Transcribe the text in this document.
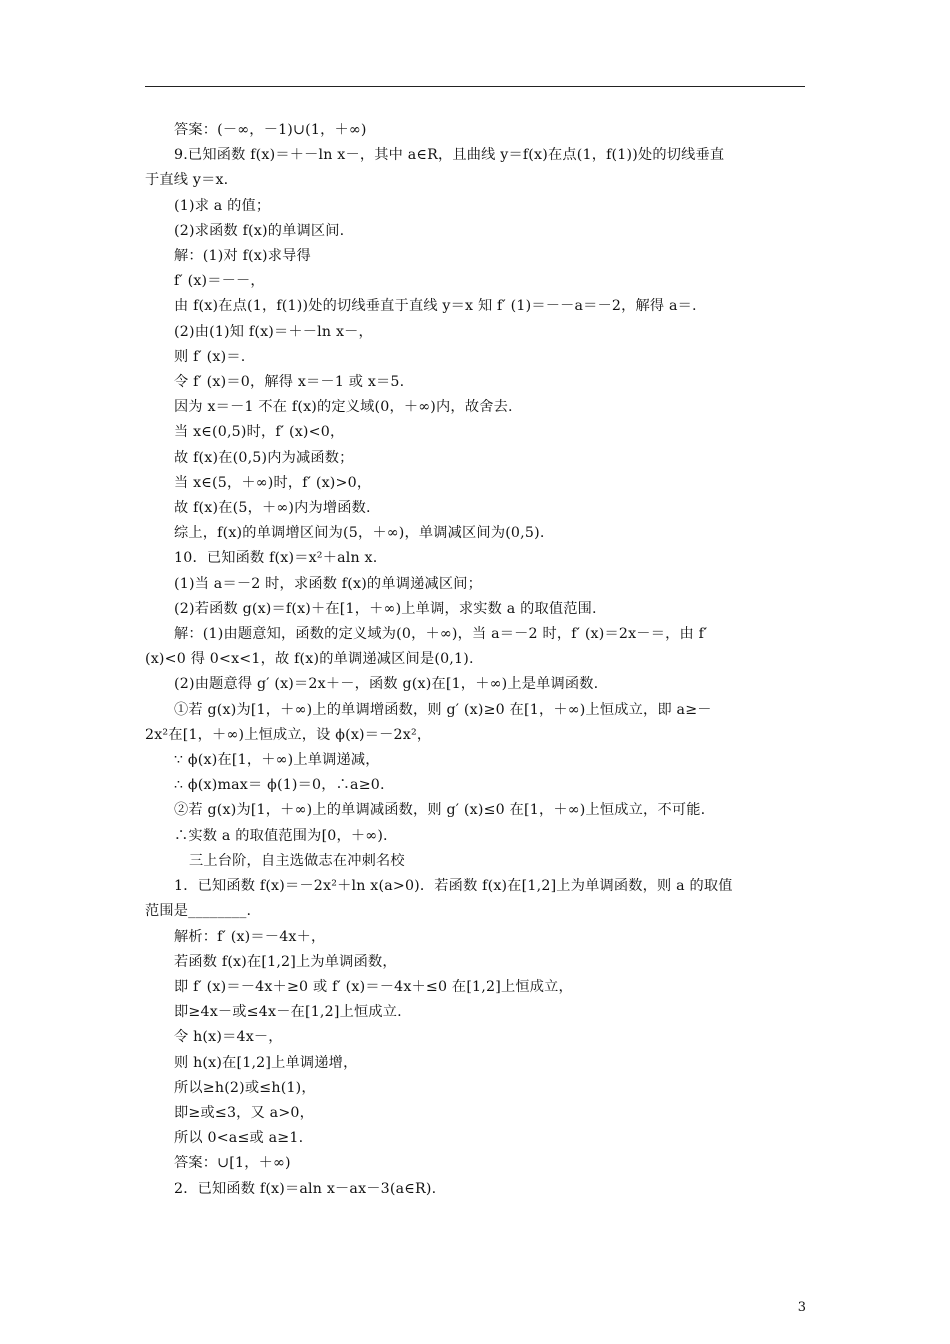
答案：(－∞，－1)∪(1，＋∞)

9.已知函数 f(x)＝＋－ln x－，其中 a∈R，且曲线 y＝f(x)在点(1，f(1))处的切线垂直

于直线 y＝x.

(1)求 a 的值；

(2)求函数 f(x)的单调区间.

解：(1)对 f(x)求导得

f′ (x)＝－－，

由 f(x)在点(1，f(1))处的切线垂直于直线 y＝x 知 f′ (1)＝－－a＝－2，解得 a＝.

(2)由(1)知 f(x)＝＋－ln x－，

则 f′ (x)＝.

令 f′ (x)＝0，解得 x＝－1 或 x＝5.

因为 x＝－1 不在 f(x)的定义域(0，＋∞)内，故舍去.

当 x∈(0,5)时，f′ (x)<0，

故 f(x)在(0,5)内为减函数；

当 x∈(5，＋∞)时，f′ (x)>0，

故 f(x)在(5，＋∞)内为增函数.

综上，f(x)的单调增区间为(5，＋∞)，单调减区间为(0,5).

10．已知函数 f(x)＝x²＋aln x.

(1)当 a＝－2 时，求函数 f(x)的单调递减区间；

(2)若函数 g(x)＝f(x)＋在[1，＋∞)上单调，求实数 a 的取值范围.

解：(1)由题意知，函数的定义域为(0，＋∞)，当 a＝－2 时，f′ (x)＝2x－＝，由 f′

(x)<0 得 0<x<1，故 f(x)的单调递减区间是(0,1).

(2)由题意得 g′ (x)＝2x＋－，函数 g(x)在[1，＋∞)上是单调函数.

①若 g(x)为[1，＋∞)上的单调增函数，则 g′ (x)≥0 在[1，＋∞)上恒成立，即 a≥－

2x²在[1，＋∞)上恒成立，设 ϕ(x)＝－2x²，

∵ ϕ(x)在[1，＋∞)上单调递减，

∴ ϕ(x)max＝ ϕ(1)＝0，∴a≥0.

②若 g(x)为[1，＋∞)上的单调减函数，则 g′ (x)≤0 在[1，＋∞)上恒成立，不可能.

∴实数 a 的取值范围为[0，＋∞).

三上台阶，自主选做志在冲刺名校

1．已知函数 f(x)＝－2x²＋ln x(a>0)．若函数 f(x)在[1,2]上为单调函数，则 a 的取值

范围是________.

解析：f′ (x)＝－4x＋，

若函数 f(x)在[1,2]上为单调函数，

即 f′ (x)＝－4x＋≥0 或 f′ (x)＝－4x＋≤0 在[1,2]上恒成立，

即≥4x－或≤4x－在[1,2]上恒成立.

令 h(x)＝4x－，

则 h(x)在[1,2]上单调递增，

所以≥h(2)或≤h(1)，

即≥或≤3，又 a>0，

所以 0<a≤或 a≥1.

答案：∪[1，＋∞)

2．已知函数 f(x)＝aln x－ax－3(a∈R).

3
